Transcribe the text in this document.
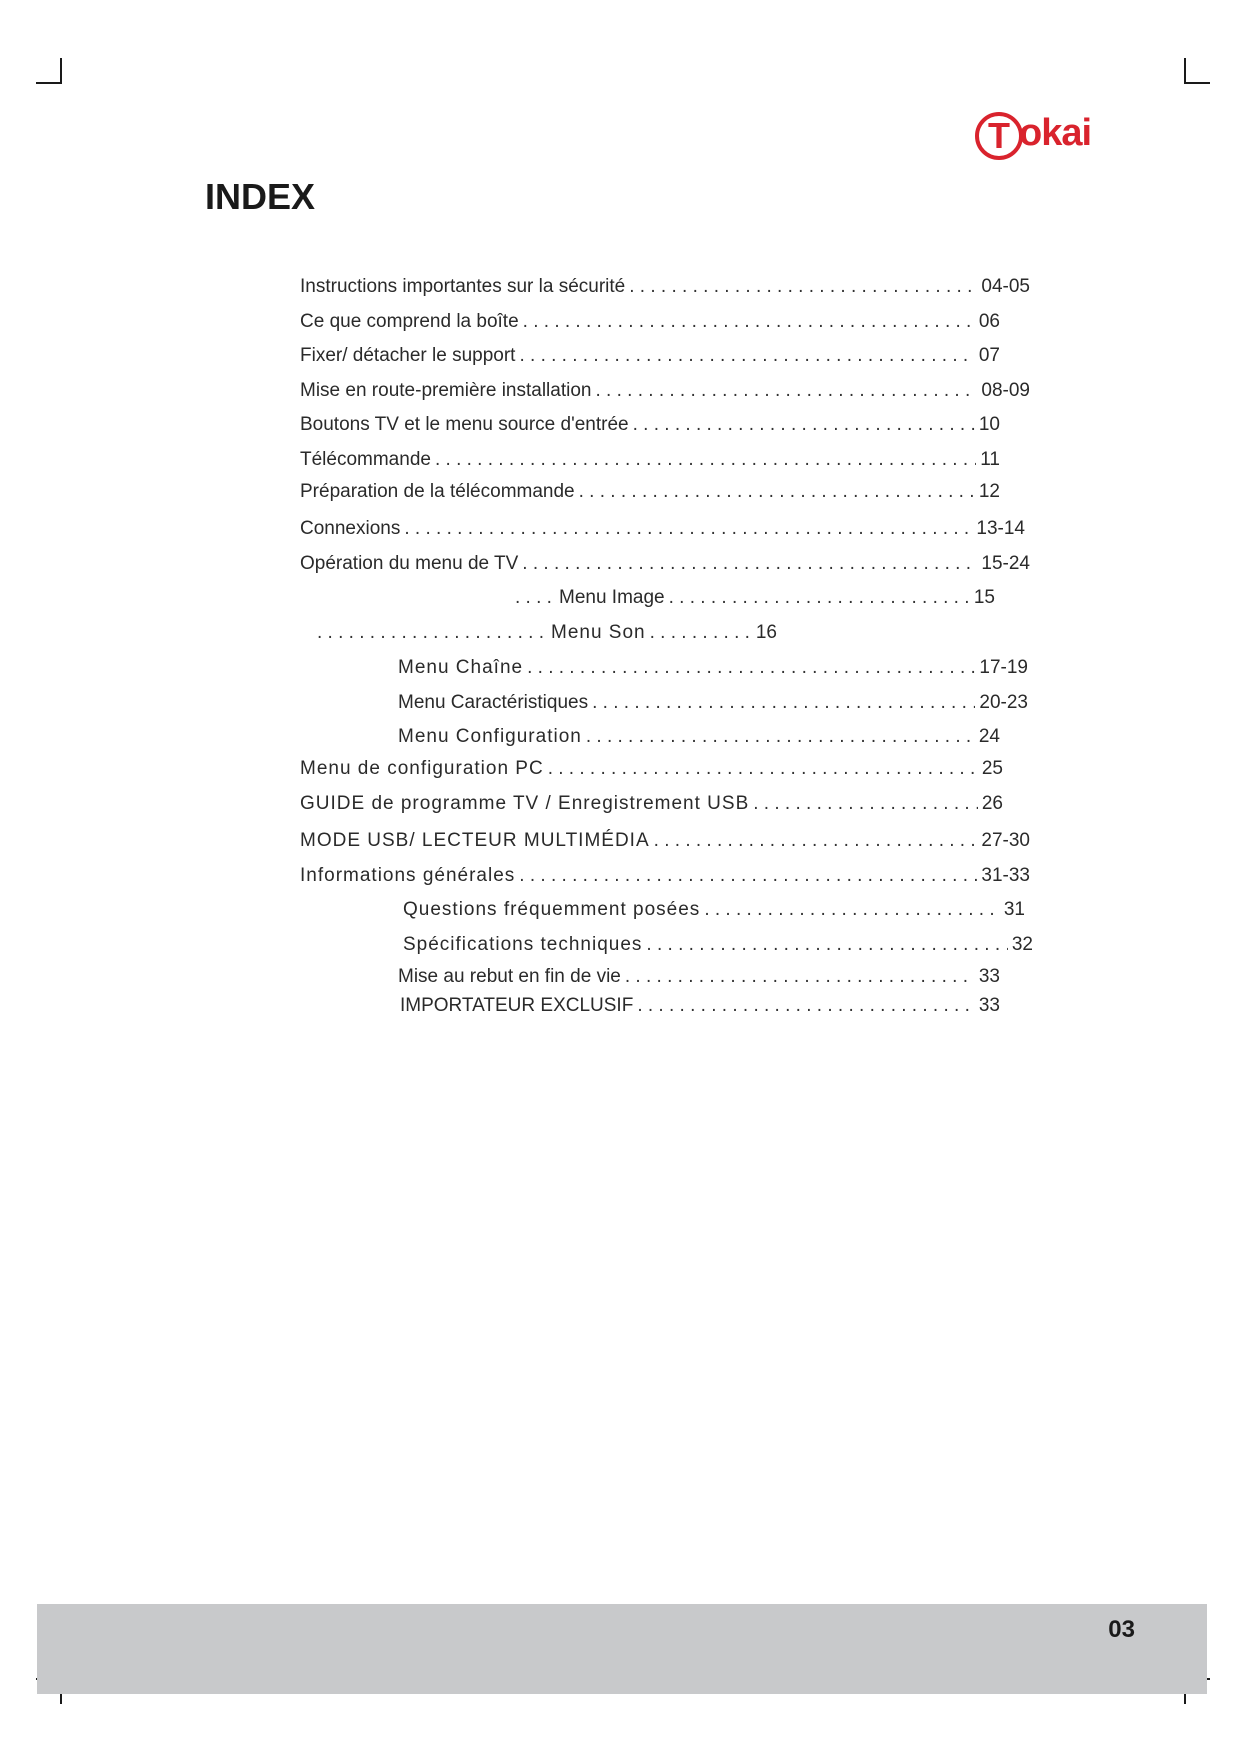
T okai
INDEX
Instructions importantes sur la sécurité . . .	04-05
Ce que comprend la boîte . . .	06
Fixer/ détacher le support . . .	07
Mise en route-première installation . . .	08-09
Boutons TV et le menu source d'entrée . . .	10
Télécommande . . .	11
Préparation de la télécommande . . .	12
Connexions . . .	13-14
Opération du menu de TV . . .	15-24
. . .
Menu Image . . .	15
. . .
Menu Son . . .	16
Menu Chaîne . . .	17-19
Menu Caractéristiques . . .	20-23
Menu Configuration . . .	24
Menu de configuration PC . . .	25
GUIDE de programme TV / Enregistrement USB . . .	26
MODE USB/ LECTEUR MULTIMÉDIA . . .	27-30
Informations générales . . .	31-33
Questions fréquemment posées . . .	31
Spécifications techniques . . .	32
Mise au rebut en fin de vie . . .	33
IMPORTATEUR EXCLUSIF . . .	33
03
